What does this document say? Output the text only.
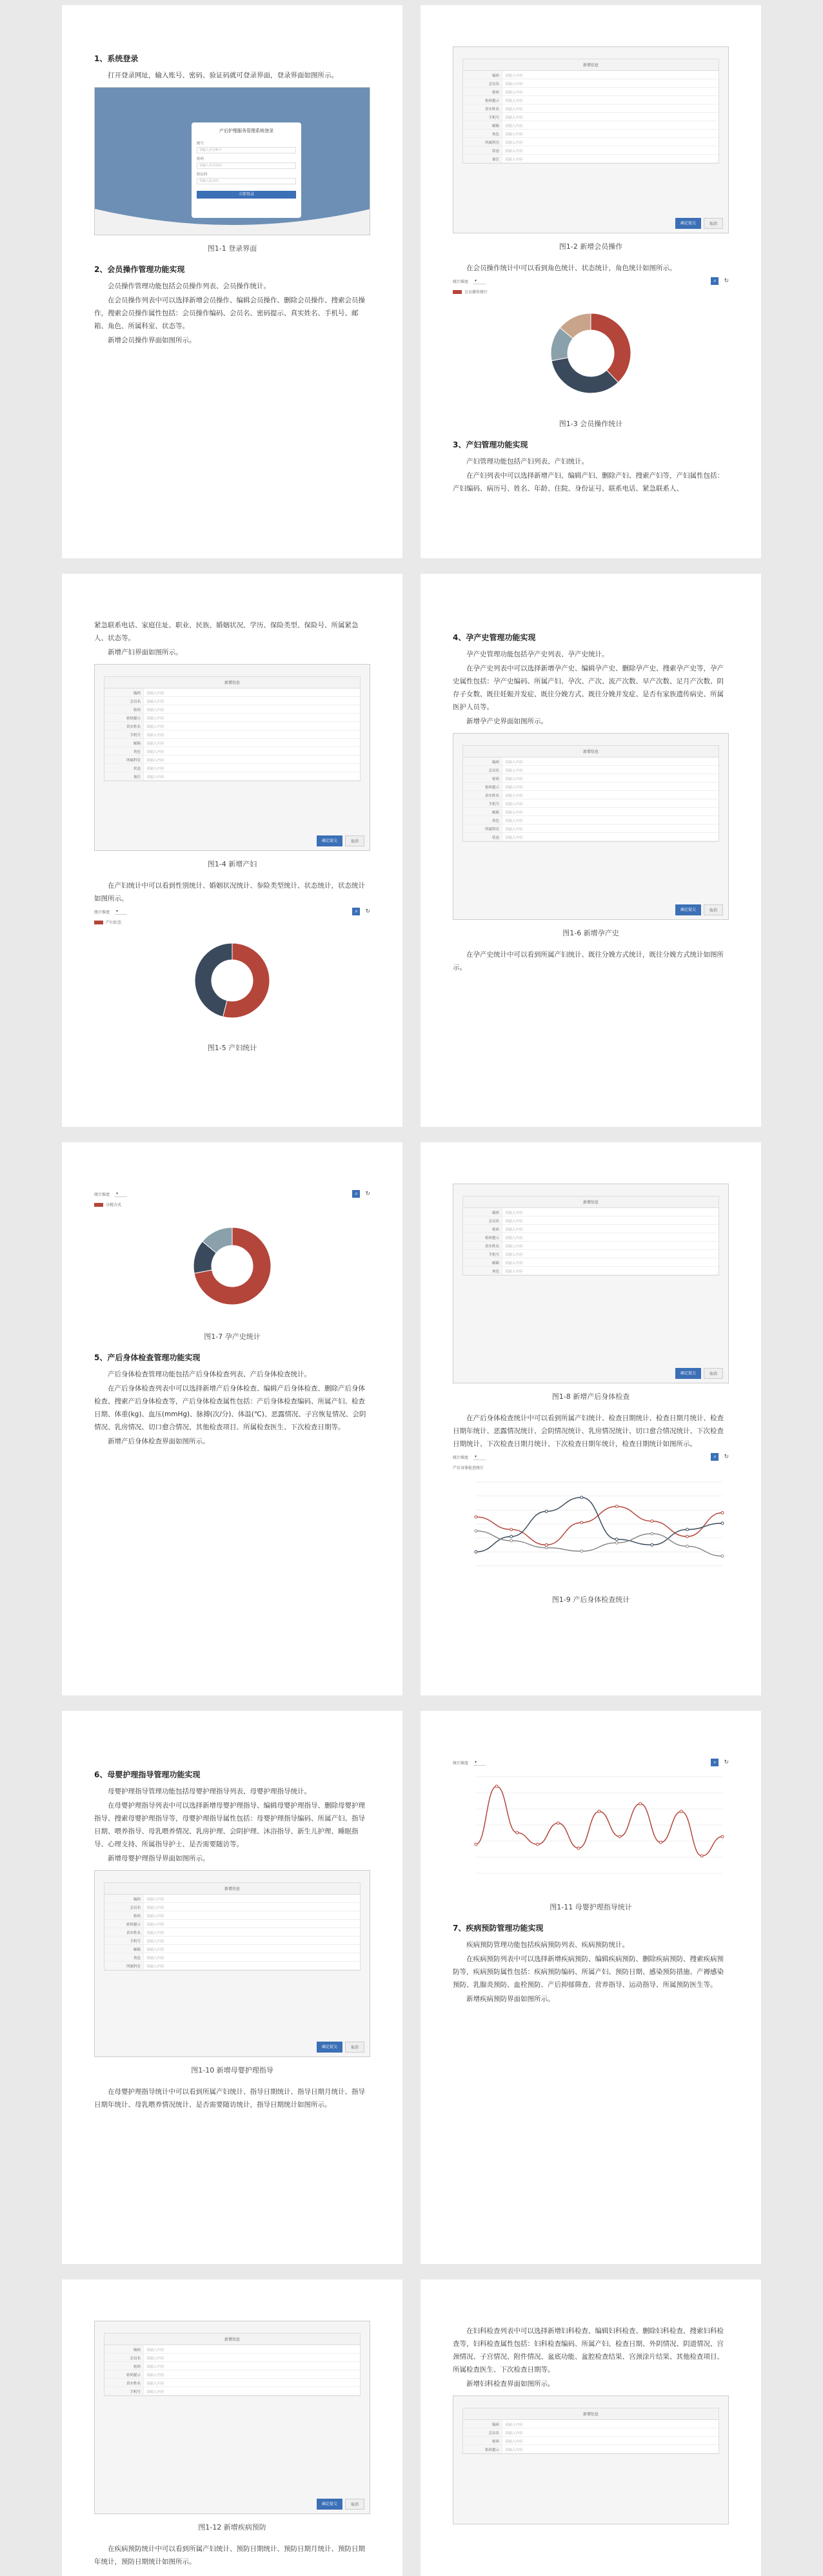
1、系统登录
打开登录网址，输入账号、密码、验证码就可登录界面，登录界面如图所示。
产后护理服务管理系统登录
账号
请输入登录账号
密码
请输入登录密码
验证码
请输入验证码
立即登录
图1-1 登录界面
2、会员操作管理功能实现
会员操作管理功能包括会员操作列表、会员操作统计。
在会员操作列表中可以选择新增会员操作、编辑会员操作、删除会员操作、搜索会员操作，搜索会员操作属性包括：会员操作编码、会员名、密码提示、真实姓名、手机号、邮箱、角色、所属科室、状态等。
新增会员操作界面如图所示。
新增信息
编码	请输入内容
会员名	请输入内容
密码	请输入内容
密码提示	请输入内容
真实姓名	请输入内容
手机号	请输入内容
邮箱	请输入内容
角色	请输入内容
所属科室	请输入内容
状态	请输入内容
备注	请输入内容
确定提交	取消
图1-2 新增会员操作
在会员操作统计中可以看到角色统计、状态统计，角色统计如图所示。
统计维度	▾	⌕	↻
会员操作统计
图1-3 会员操作统计
3、产妇管理功能实现
产妇管理功能包括产妇列表、产妇统计。
在产妇列表中可以选择新增产妇、编辑产妇、删除产妇、搜索产妇等，产妇属性包括：产妇编码、病历号、姓名、年龄、住院、身份证号、联系电话、紧急联系人、
紧急联系电话、家庭住址、职业、民族、婚姻状况、学历、保险类型、保险号、所属紧急人、状态等。
新增产妇界面如图所示。
新增信息
编码	请输入内容
会员名	请输入内容
密码	请输入内容
密码提示	请输入内容
真实姓名	请输入内容
手机号	请输入内容
邮箱	请输入内容
角色	请输入内容
所属科室	请输入内容
状态	请输入内容
备注	请输入内容
确定提交	取消
图1-4 新增产妇
在产妇统计中可以看到性别统计、婚姻状况统计、参险类型统计、状态统计，状态统计如图所示。
统计维度	▾	⌕	↻
产妇状态
图1-5 产妇统计
4、孕产史管理功能实现
孕产史管理功能包括孕产史列表、孕产史统计。
在孕产史列表中可以选择新增孕产史、编辑孕产史、删除孕产史、搜索孕产史等，孕产史属性包括：孕产史编码、所属产妇、孕次、产次、流产次数、早产次数、足月产次数、阴存子女数、既往妊娠并发症、既往分娩方式、既往分娩并发症、是否有家族遗传病史、所属医护人员等。
新增孕产史界面如图所示。
新增信息
编码	请输入内容
会员名	请输入内容
密码	请输入内容
密码提示	请输入内容
真实姓名	请输入内容
手机号	请输入内容
邮箱	请输入内容
角色	请输入内容
所属科室	请输入内容
状态	请输入内容
确定提交	取消
图1-6 新增孕产史
在孕产史统计中可以看到所属产妇统计、既往分娩方式统计，既往分娩方式统计如图所示。
统计维度	▾	⌕	↻
分娩方式
图1-7 孕产史统计
5、产后身体检查管理功能实现
产后身体检查管理功能包括产后身体检查列表、产后身体检查统计。
在产后身体检查列表中可以选择新增产后身体检查、编辑产后身体检查、删除产后身体检查、搜索产后身体检查等，产后身体检查属性包括：产后身体检查编码、所属产妇、检查日期、体重(kg)、血压(mmHg)、脉搏(次/分)、体温(℃)、恶露情况、子宫恢复情况、会阴情况、乳房情况、切口愈合情况、其他检查项目、所属检查医生、下次检查日期等。
新增产后身体检查界面如图所示。
新增信息
编码	请输入内容
会员名	请输入内容
密码	请输入内容
密码提示	请输入内容
真实姓名	请输入内容
手机号	请输入内容
邮箱	请输入内容
角色	请输入内容
确定提交	取消
图1-8 新增产后身体检查
在产后身体检查统计中可以看到所属产妇统计、检查日期统计、检查日期月统计、检查日期年统计、恶露情况统计、会阴情况统计、乳房情况统计、切口愈合情况统计、下次检查日期统计、下次检查日期月统计、下次检查日期年统计，检查日期统计如图所示。
统计维度	▾	⌕	↻
产后身体检查统计
图1-9 产后身体检查统计
6、母婴护理指导管理功能实现
母婴护理指导管理功能包括母婴护理指导列表、母婴护理指导统计。
在母婴护理指导列表中可以选择新增母婴护理指导、编辑母婴护理指导、删除母婴护理指导、搜索母婴护理指导等，母婴护理指导属性包括：母婴护理指导编码、所属产妇、指导日期、喂养指导、母乳喂养情况、乳房护理、会阴护理、沐浴指导、新生儿护理、睡眠指导、心理支持、所属指导护士、是否需要随访等。
新增母婴护理指导界面如图所示。
新增信息
编码	请输入内容
会员名	请输入内容
密码	请输入内容
密码提示	请输入内容
真实姓名	请输入内容
手机号	请输入内容
邮箱	请输入内容
角色	请输入内容
所属科室	请输入内容
确定提交	取消
图1-10 新增母婴护理指导
在母婴护理指导统计中可以看到所属产妇统计、指导日期统计、指导日期月统计、指导日期年统计、母乳喂养情况统计、是否需要随访统计，指导日期统计如图所示。
统计维度	▾	⌕	↻
图1-11 母婴护理指导统计
7、疾病预防管理功能实现
疾病预防管理功能包括疾病预防列表、疾病预防统计。
在疾病预防列表中可以选择新增疾病预防、编辑疾病预防、删除疾病预防、搜索疾病预防等，疾病预防属性包括：疾病预防编码、所属产妇、预防日期、感染预防措施、产褥感染预防、乳腺炎预防、血栓预防、产后抑郁筛查、营养指导、运动指导、所属预防医生等。
新增疾病预防界面如图所示。
新增信息
编码	请输入内容
会员名	请输入内容
密码	请输入内容
密码提示	请输入内容
真实姓名	请输入内容
手机号	请输入内容
确定提交	取消
图1-12 新增疾病预防
在疾病预防统计中可以看到所属产妇统计、预防日期统计、预防日期月统计、预防日期年统计，预防日期统计如图所示。
在妇科检查列表中可以选择新增妇科检查、编辑妇科检查、删除妇科检查、搜索妇科检查等，妇科检查属性包括：妇科检查编码、所属产妇、检查日期、外阴情况、阴道情况、宫颈情况、子宫情况、附件情况、盆底功能、盆腔检查结果、宫颈涂片结果、其他检查项目、所属检查医生、下次检查日期等。
新增妇科检查界面如图所示。
新增信息
编码	请输入内容
会员名	请输入内容
密码	请输入内容
密码提示	请输入内容
